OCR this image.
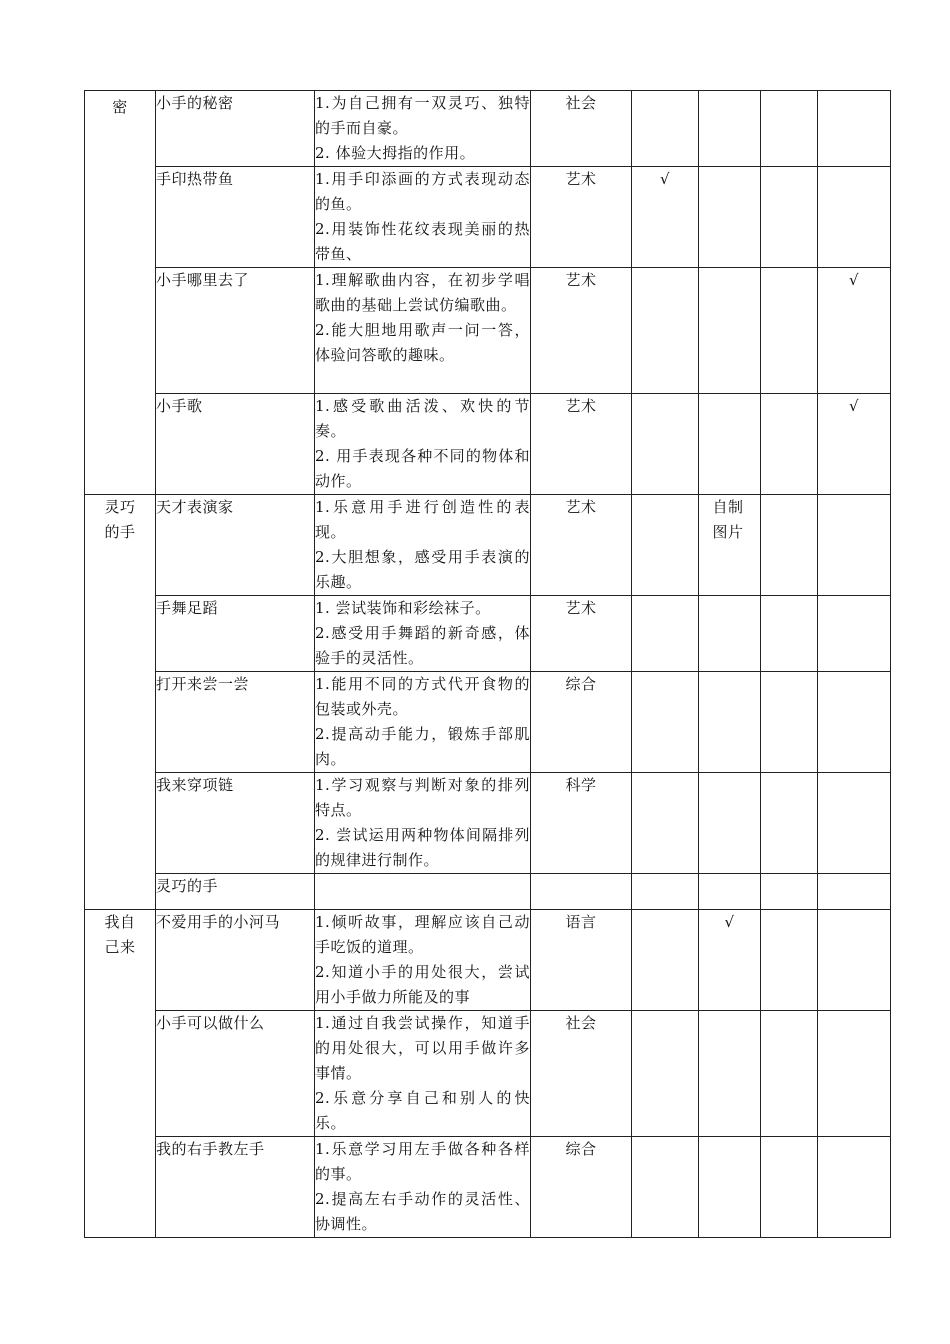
密	小手的秘密	1.为自己拥有一双灵巧、独特的手而自豪。

2. 体验大拇指的作用。	社会				
	手印热带鱼	1.用手印添画的方式表现动态的鱼。

2.用装饰性花纹表现美丽的热带鱼、	艺术	√			
	小手哪里去了	1.理解歌曲内容，在初步学唱歌曲的基础上尝试仿编歌曲。

2.能大胆地用歌声一问一答，体验问答歌的趣味。	艺术				√
	小手歌	1.感受歌曲活泼、欢快的节奏。

2. 用手表现各种不同的物体和动作。	艺术				√
灵巧的手	天才表演家	1.乐意用手进行创造性的表现。

2.大胆想象，感受用手表演的乐趣。	艺术		自制图片		
	手舞足蹈	1. 尝试装饰和彩绘袜子。

2.感受用手舞蹈的新奇感，体验手的灵活性。	艺术				
	打开来尝一尝	1.能用不同的方式代开食物的包装或外壳。

2.提高动手能力，锻炼手部肌肉。	综合				
	我来穿项链	1.学习观察与判断对象的排列特点。

2. 尝试运用两种物体间隔排列的规律进行制作。	科学				
	灵巧的手						
我自己来	不爱用手的小河马	1.倾听故事，理解应该自己动手吃饭的道理。

2.知道小手的用处很大，尝试用小手做力所能及的事	语言		√		
	小手可以做什么	1.通过自我尝试操作，知道手的用处很大，可以用手做许多事情。

2.乐意分享自己和别人的快乐。	社会				
	我的右手教左手	1.乐意学习用左手做各种各样的事。

2.提高左右手动作的灵活性、协调性。	综合				
